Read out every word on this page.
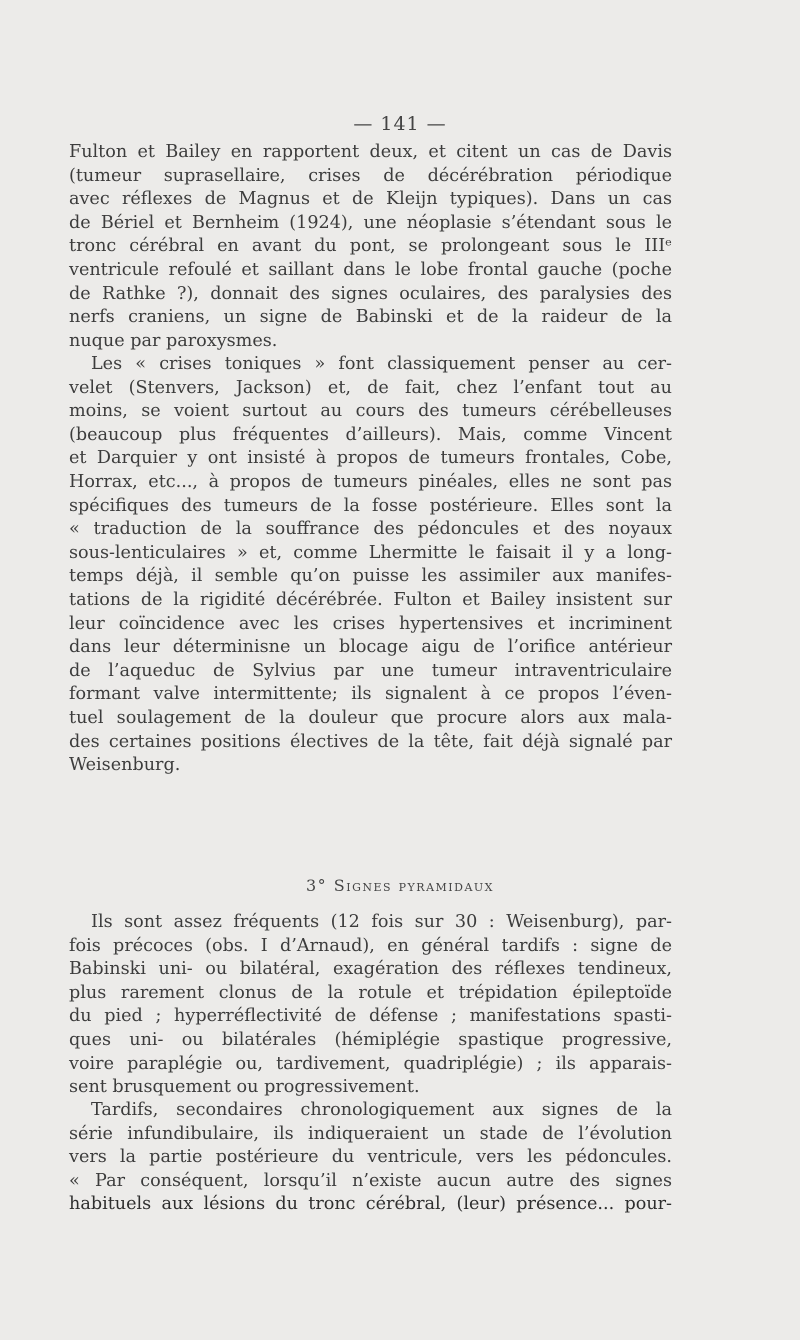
— 141 —

Fulton et Bailey en rapportent deux, et citent un cas de Davis
(tumeur suprasellaire, crises de décérébration périodique
avec réflexes de Magnus et de Kleijn typiques). Dans un cas
de Bériel et Bernheim (1924), une néoplasie s’étendant sous le
tronc cérébral en avant du pont, se prolongeant sous le IIIᵉ
ventricule refoulé et saillant dans le lobe frontal gauche (poche
de Rathke ?), donnait des signes oculaires, des paralysies des
nerfs craniens, un signe de Babinski et de la raideur de la
nuque par paroxysmes.

Les « crises toniques » font classiquement penser au cer-
velet (Stenvers, Jackson) et, de fait, chez l’enfant tout au
moins, se voient surtout au cours des tumeurs cérébelleuses
(beaucoup plus fréquentes d’ailleurs). Mais, comme Vincent
et Darquier y ont insisté à propos de tumeurs frontales, Cobe,
Horrax, etc..., à propos de tumeurs pinéales, elles ne sont pas
spécifiques des tumeurs de la fosse postérieure. Elles sont la
« traduction de la souffrance des pédoncules et des noyaux
sous-lenticulaires » et, comme Lhermitte le faisait il y a long-
temps déjà, il semble qu’on puisse les assimiler aux manifes-
tations de la rigidité décérébrée. Fulton et Bailey insistent sur
leur coïncidence avec les crises hypertensives et incriminent
dans leur déterminisne un blocage aigu de l’orifice antérieur
de l’aqueduc de Sylvius par une tumeur intraventriculaire
formant valve intermittente; ils signalent à ce propos l’éven-
tuel soulagement de la douleur que procure alors aux mala-
des certaines positions électives de la tête, fait déjà signalé par
Weisenburg.

3° Signes pyramidaux

Ils sont assez fréquents (12 fois sur 30 : Weisenburg), par-
fois précoces (obs. I d’Arnaud), en général tardifs : signe de
Babinski uni- ou bilatéral, exagération des réflexes tendineux,
plus rarement clonus de la rotule et trépidation épileptoïde
du pied ; hyperréflectivité de défense ; manifestations spasti-
ques uni- ou bilatérales (hémiplégie spastique progressive,
voire paraplégie ou, tardivement, quadriplégie) ; ils apparais-
sent brusquement ou progressivement.

Tardifs, secondaires chronologiquement aux signes de la
série infundibulaire, ils indiqueraient un stade de l’évolution
vers la partie postérieure du ventricule, vers les pédoncules.
« Par conséquent, lorsqu’il n’existe aucun autre des signes
habituels aux lésions du tronc cérébral, (leur) présence... pour-
